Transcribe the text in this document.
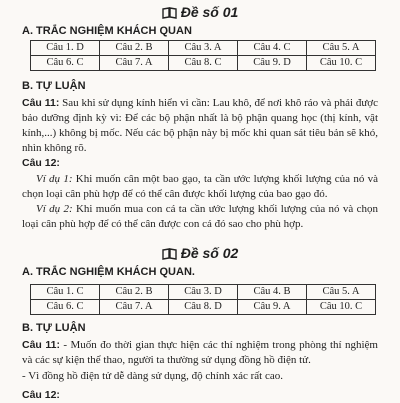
Đề số 01
A. TRẮC NGHIỆM KHÁCH QUAN
Câu 1. D	Câu 2. B	Câu 3. A	Câu 4. C	Câu 5. A
Câu 6. C	Câu 7. A	Câu 8. C	Câu 9. D	Câu 10. C
B. TỰ LUẬN
Câu 11: Sau khi sử dụng kính hiển vi cần: Lau khô, để nơi khô ráo và phải được bảo dưỡng định kỳ vì: Để các bộ phận nhất là bộ phận quang học (thị kính, vật kính,...) không bị mốc. Nếu các bộ phận này bị mốc khi quan sát tiêu bản sẽ khó, nhìn không rõ.
Câu 12:
Ví dụ 1: Khi muốn cân một bao gạo, ta cần ước lượng khối lượng của nó và chọn loại cân phù hợp để có thể cân được khối lượng của bao gạo đó.
Ví dụ 2: Khi muốn mua con cá ta cần ước lượng khối lượng của nó và chọn loại cân phù hợp để có thể cân được con cá đó sao cho phù hợp.
Đề số 02
A. TRẮC NGHIỆM KHÁCH QUAN.
Câu 1. C	Câu 2. B	Câu 3. D	Câu 4. B	Câu 5. A
Câu 6. C	Câu 7. A	Câu 8. D	Câu 9. A	Câu 10. C
B. TỰ LUẬN
Câu 11: - Muốn đo thời gian thực hiện các thí nghiệm trong phòng thí nghiệm và các sự kiện thể thao, người ta thường sử dụng đồng hồ điện tử.
- Vì đồng hồ điện tử dễ dàng sử dụng, độ chính xác rất cao.
Câu 12:
